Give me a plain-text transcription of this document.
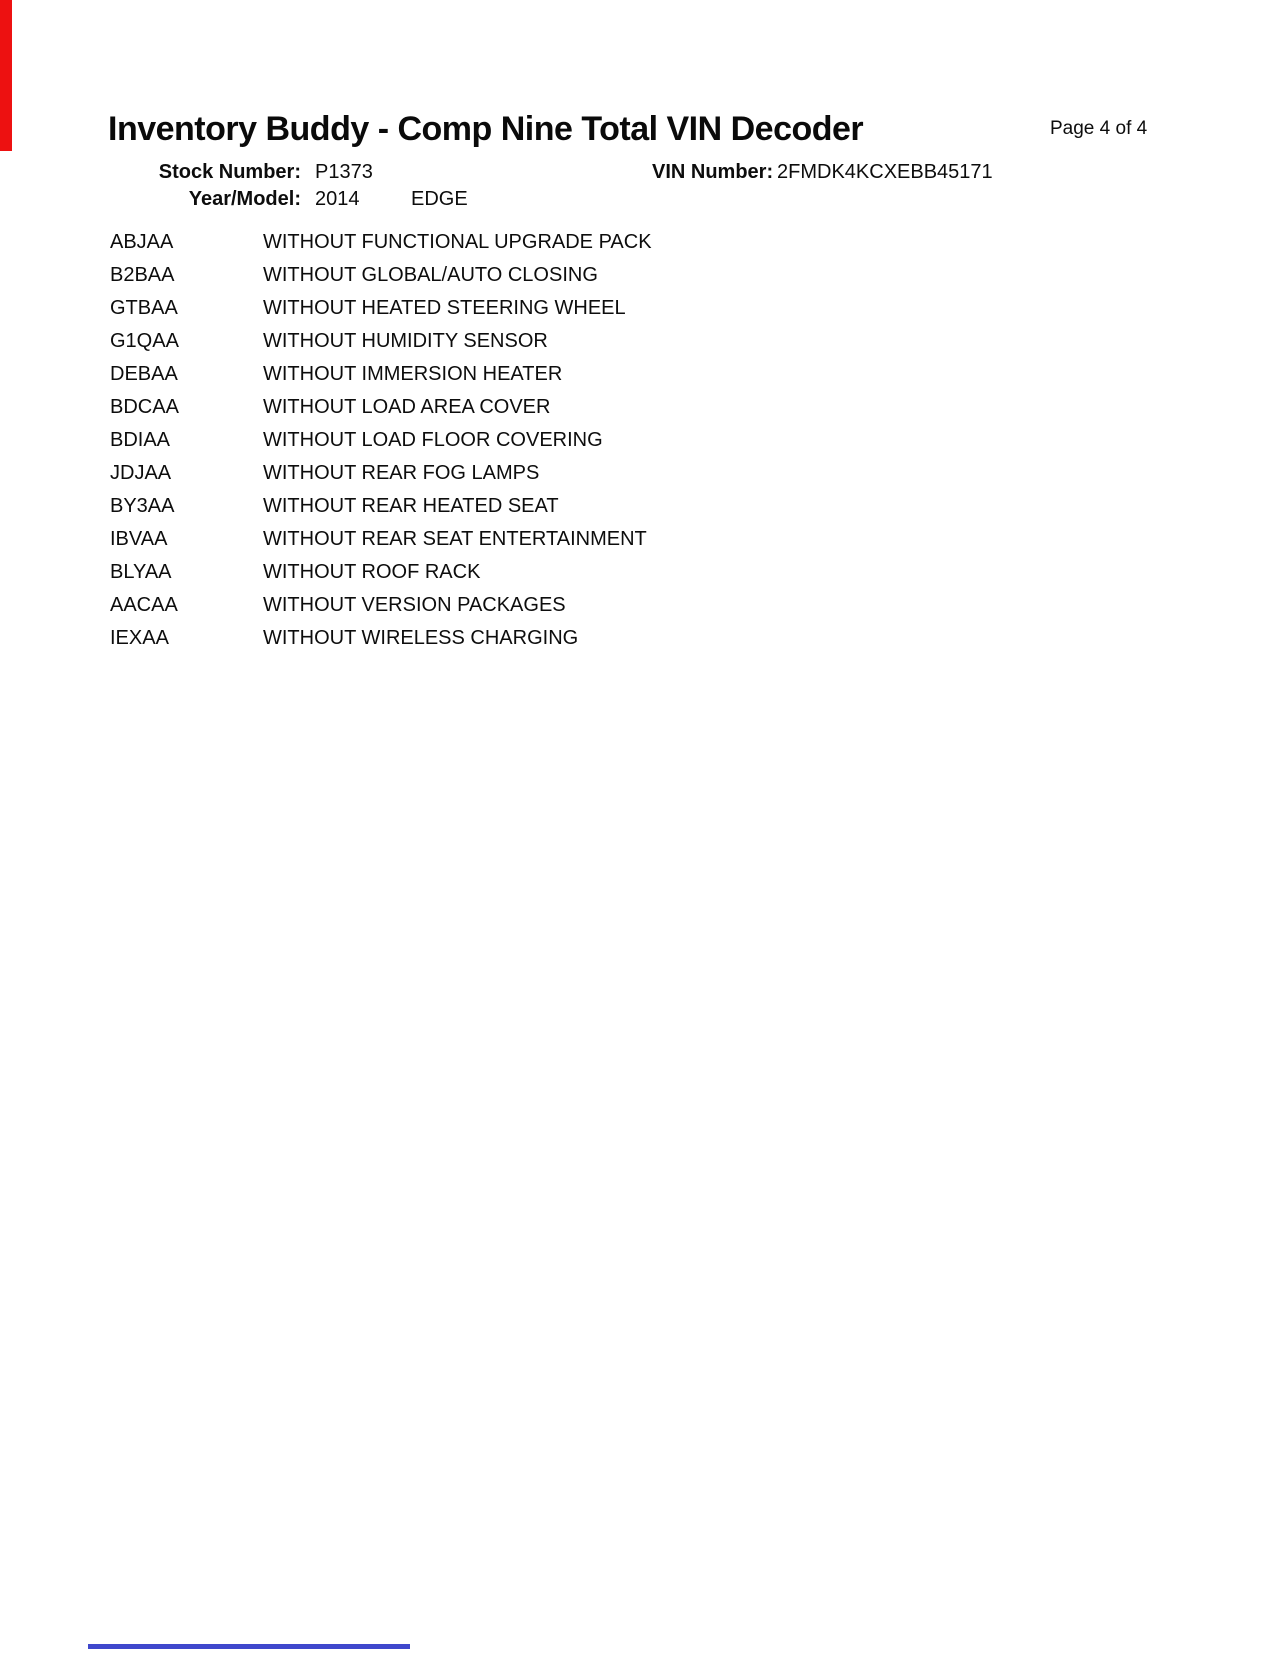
Inventory Buddy - Comp Nine Total VIN Decoder	Page 4 of 4
Stock Number: P1373	VIN Number: 2FMDK4KCXEBB45171
Year/Model: 2014	EDGE
ABJAA	WITHOUT FUNCTIONAL UPGRADE PACK
B2BAA	WITHOUT GLOBAL/AUTO CLOSING
GTBAA	WITHOUT HEATED STEERING WHEEL
G1QAA	WITHOUT HUMIDITY SENSOR
DEBAA	WITHOUT IMMERSION HEATER
BDCAA	WITHOUT LOAD AREA COVER
BDIAA	WITHOUT LOAD FLOOR COVERING
JDJAA	WITHOUT REAR FOG LAMPS
BY3AA	WITHOUT REAR HEATED SEAT
IBVAA	WITHOUT REAR SEAT ENTERTAINMENT
BLYAA	WITHOUT ROOF RACK
AACAA	WITHOUT VERSION PACKAGES
IEXAA	WITHOUT WIRELESS CHARGING
